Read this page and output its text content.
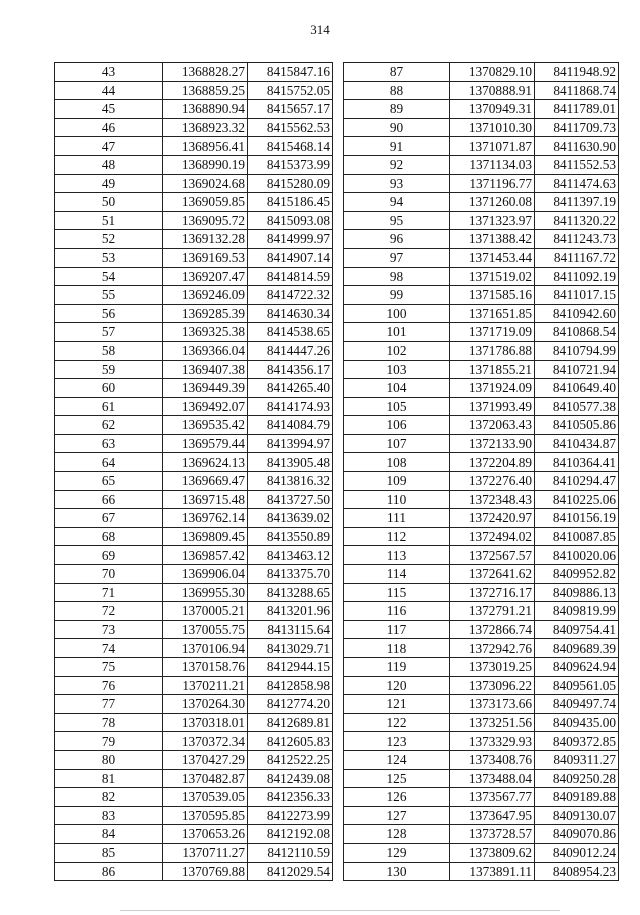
314
43	1368828.27	8415847.16
44	1368859.25	8415752.05
45	1368890.94	8415657.17
46	1368923.32	8415562.53
47	1368956.41	8415468.14
48	1368990.19	8415373.99
49	1369024.68	8415280.09
50	1369059.85	8415186.45
51	1369095.72	8415093.08
52	1369132.28	8414999.97
53	1369169.53	8414907.14
54	1369207.47	8414814.59
55	1369246.09	8414722.32
56	1369285.39	8414630.34
57	1369325.38	8414538.65
58	1369366.04	8414447.26
59	1369407.38	8414356.17
60	1369449.39	8414265.40
61	1369492.07	8414174.93
62	1369535.42	8414084.79
63	1369579.44	8413994.97
64	1369624.13	8413905.48
65	1369669.47	8413816.32
66	1369715.48	8413727.50
67	1369762.14	8413639.02
68	1369809.45	8413550.89
69	1369857.42	8413463.12
70	1369906.04	8413375.70
71	1369955.30	8413288.65
72	1370005.21	8413201.96
73	1370055.75	8413115.64
74	1370106.94	8413029.71
75	1370158.76	8412944.15
76	1370211.21	8412858.98
77	1370264.30	8412774.20
78	1370318.01	8412689.81
79	1370372.34	8412605.83
80	1370427.29	8412522.25
81	1370482.87	8412439.08
82	1370539.05	8412356.33
83	1370595.85	8412273.99
84	1370653.26	8412192.08
85	1370711.27	8412110.59
86	1370769.88	8412029.54
87	1370829.10	8411948.92
88	1370888.91	8411868.74
89	1370949.31	8411789.01
90	1371010.30	8411709.73
91	1371071.87	8411630.90
92	1371134.03	8411552.53
93	1371196.77	8411474.63
94	1371260.08	8411397.19
95	1371323.97	8411320.22
96	1371388.42	8411243.73
97	1371453.44	8411167.72
98	1371519.02	8411092.19
99	1371585.16	8411017.15
100	1371651.85	8410942.60
101	1371719.09	8410868.54
102	1371786.88	8410794.99
103	1371855.21	8410721.94
104	1371924.09	8410649.40
105	1371993.49	8410577.38
106	1372063.43	8410505.86
107	1372133.90	8410434.87
108	1372204.89	8410364.41
109	1372276.40	8410294.47
110	1372348.43	8410225.06
111	1372420.97	8410156.19
112	1372494.02	8410087.85
113	1372567.57	8410020.06
114	1372641.62	8409952.82
115	1372716.17	8409886.13
116	1372791.21	8409819.99
117	1372866.74	8409754.41
118	1372942.76	8409689.39
119	1373019.25	8409624.94
120	1373096.22	8409561.05
121	1373173.66	8409497.74
122	1373251.56	8409435.00
123	1373329.93	8409372.85
124	1373408.76	8409311.27
125	1373488.04	8409250.28
126	1373567.77	8409189.88
127	1373647.95	8409130.07
128	1373728.57	8409070.86
129	1373809.62	8409012.24
130	1373891.11	8408954.23
